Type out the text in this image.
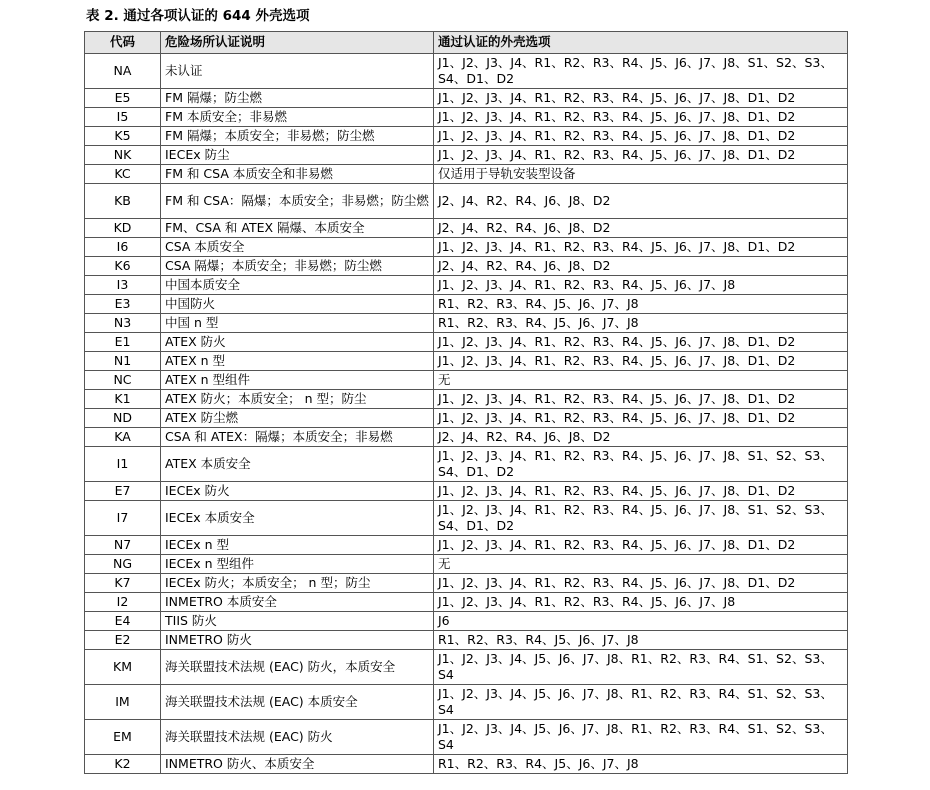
表 2. 通过各项认证的 644 外壳选项
代码	危险场所认证说明	通过认证的外壳选项
NA	未认证	J1、J2、J3、J4、R1、R2、R3、R4、J5、J6、J7、J8、S1、S2、S3、S4、D1、D2
E5	FM 隔爆；防尘燃	J1、J2、J3、J4、R1、R2、R3、R4、J5、J6、J7、J8、D1、D2
I5	FM 本质安全；非易燃	J1、J2、J3、J4、R1、R2、R3、R4、J5、J6、J7、J8、D1、D2
K5	FM 隔爆；本质安全；非易燃；防尘燃	J1、J2、J3、J4、R1、R2、R3、R4、J5、J6、J7、J8、D1、D2
NK	IECEx 防尘	J1、J2、J3、J4、R1、R2、R3、R4、J5、J6、J7、J8、D1、D2
KC	FM 和 CSA 本质安全和非易燃	仅适用于导轨安装型设备
KB	FM 和 CSA：隔爆；本质安全；非易燃；防尘燃	J2、J4、R2、R4、J6、J8、D2
KD	FM、CSA 和 ATEX 隔爆、本质安全	J2、J4、R2、R4、J6、J8、D2
I6	CSA 本质安全	J1、J2、J3、J4、R1、R2、R3、R4、J5、J6、J7、J8、D1、D2
K6	CSA 隔爆；本质安全；非易燃；防尘燃	J2、J4、R2、R4、J6、J8、D2
I3	中国本质安全	J1、J2、J3、J4、R1、R2、R3、R4、J5、J6、J7、J8
E3	中国防火	R1、R2、R3、R4、J5、J6、J7、J8
N3	中国 n 型	R1、R2、R3、R4、J5、J6、J7、J8
E1	ATEX 防火	J1、J2、J3、J4、R1、R2、R3、R4、J5、J6、J7、J8、D1、D2
N1	ATEX n 型	J1、J2、J3、J4、R1、R2、R3、R4、J5、J6、J7、J8、D1、D2
NC	ATEX n 型组件	无
K1	ATEX 防火；本质安全； n 型；防尘	J1、J2、J3、J4、R1、R2、R3、R4、J5、J6、J7、J8、D1、D2
ND	ATEX 防尘燃	J1、J2、J3、J4、R1、R2、R3、R4、J5、J6、J7、J8、D1、D2
KA	CSA 和 ATEX：隔爆；本质安全；非易燃	J2、J4、R2、R4、J6、J8、D2
I1	ATEX 本质安全	J1、J2、J3、J4、R1、R2、R3、R4、J5、J6、J7、J8、S1、S2、S3、S4、D1、D2
E7	IECEx 防火	J1、J2、J3、J4、R1、R2、R3、R4、J5、J6、J7、J8、D1、D2
I7	IECEx 本质安全	J1、J2、J3、J4、R1、R2、R3、R4、J5、J6、J7、J8、S1、S2、S3、S4、D1、D2
N7	IECEx n 型	J1、J2、J3、J4、R1、R2、R3、R4、J5、J6、J7、J8、D1、D2
NG	IECEx n 型组件	无
K7	IECEx 防火；本质安全； n 型；防尘	J1、J2、J3、J4、R1、R2、R3、R4、J5、J6、J7、J8、D1、D2
I2	INMETRO 本质安全	J1、J2、J3、J4、R1、R2、R3、R4、J5、J6、J7、J8
E4	TIIS 防火	J6
E2	INMETRO 防火	R1、R2、R3、R4、J5、J6、J7、J8
KM	海关联盟技术法规 (EAC) 防火，本质安全	J1、J2、J3、J4、J5、J6、J7、J8、R1、R2、R3、R4、S1、S2、S3、S4
IM	海关联盟技术法规 (EAC) 本质安全	J1、J2、J3、J4、J5、J6、J7、J8、R1、R2、R3、R4、S1、S2、S3、S4
EM	海关联盟技术法规 (EAC) 防火	J1、J2、J3、J4、J5、J6、J7、J8、R1、R2、R3、R4、S1、S2、S3、S4
K2	INMETRO 防火、本质安全	R1、R2、R3、R4、J5、J6、J7、J8
